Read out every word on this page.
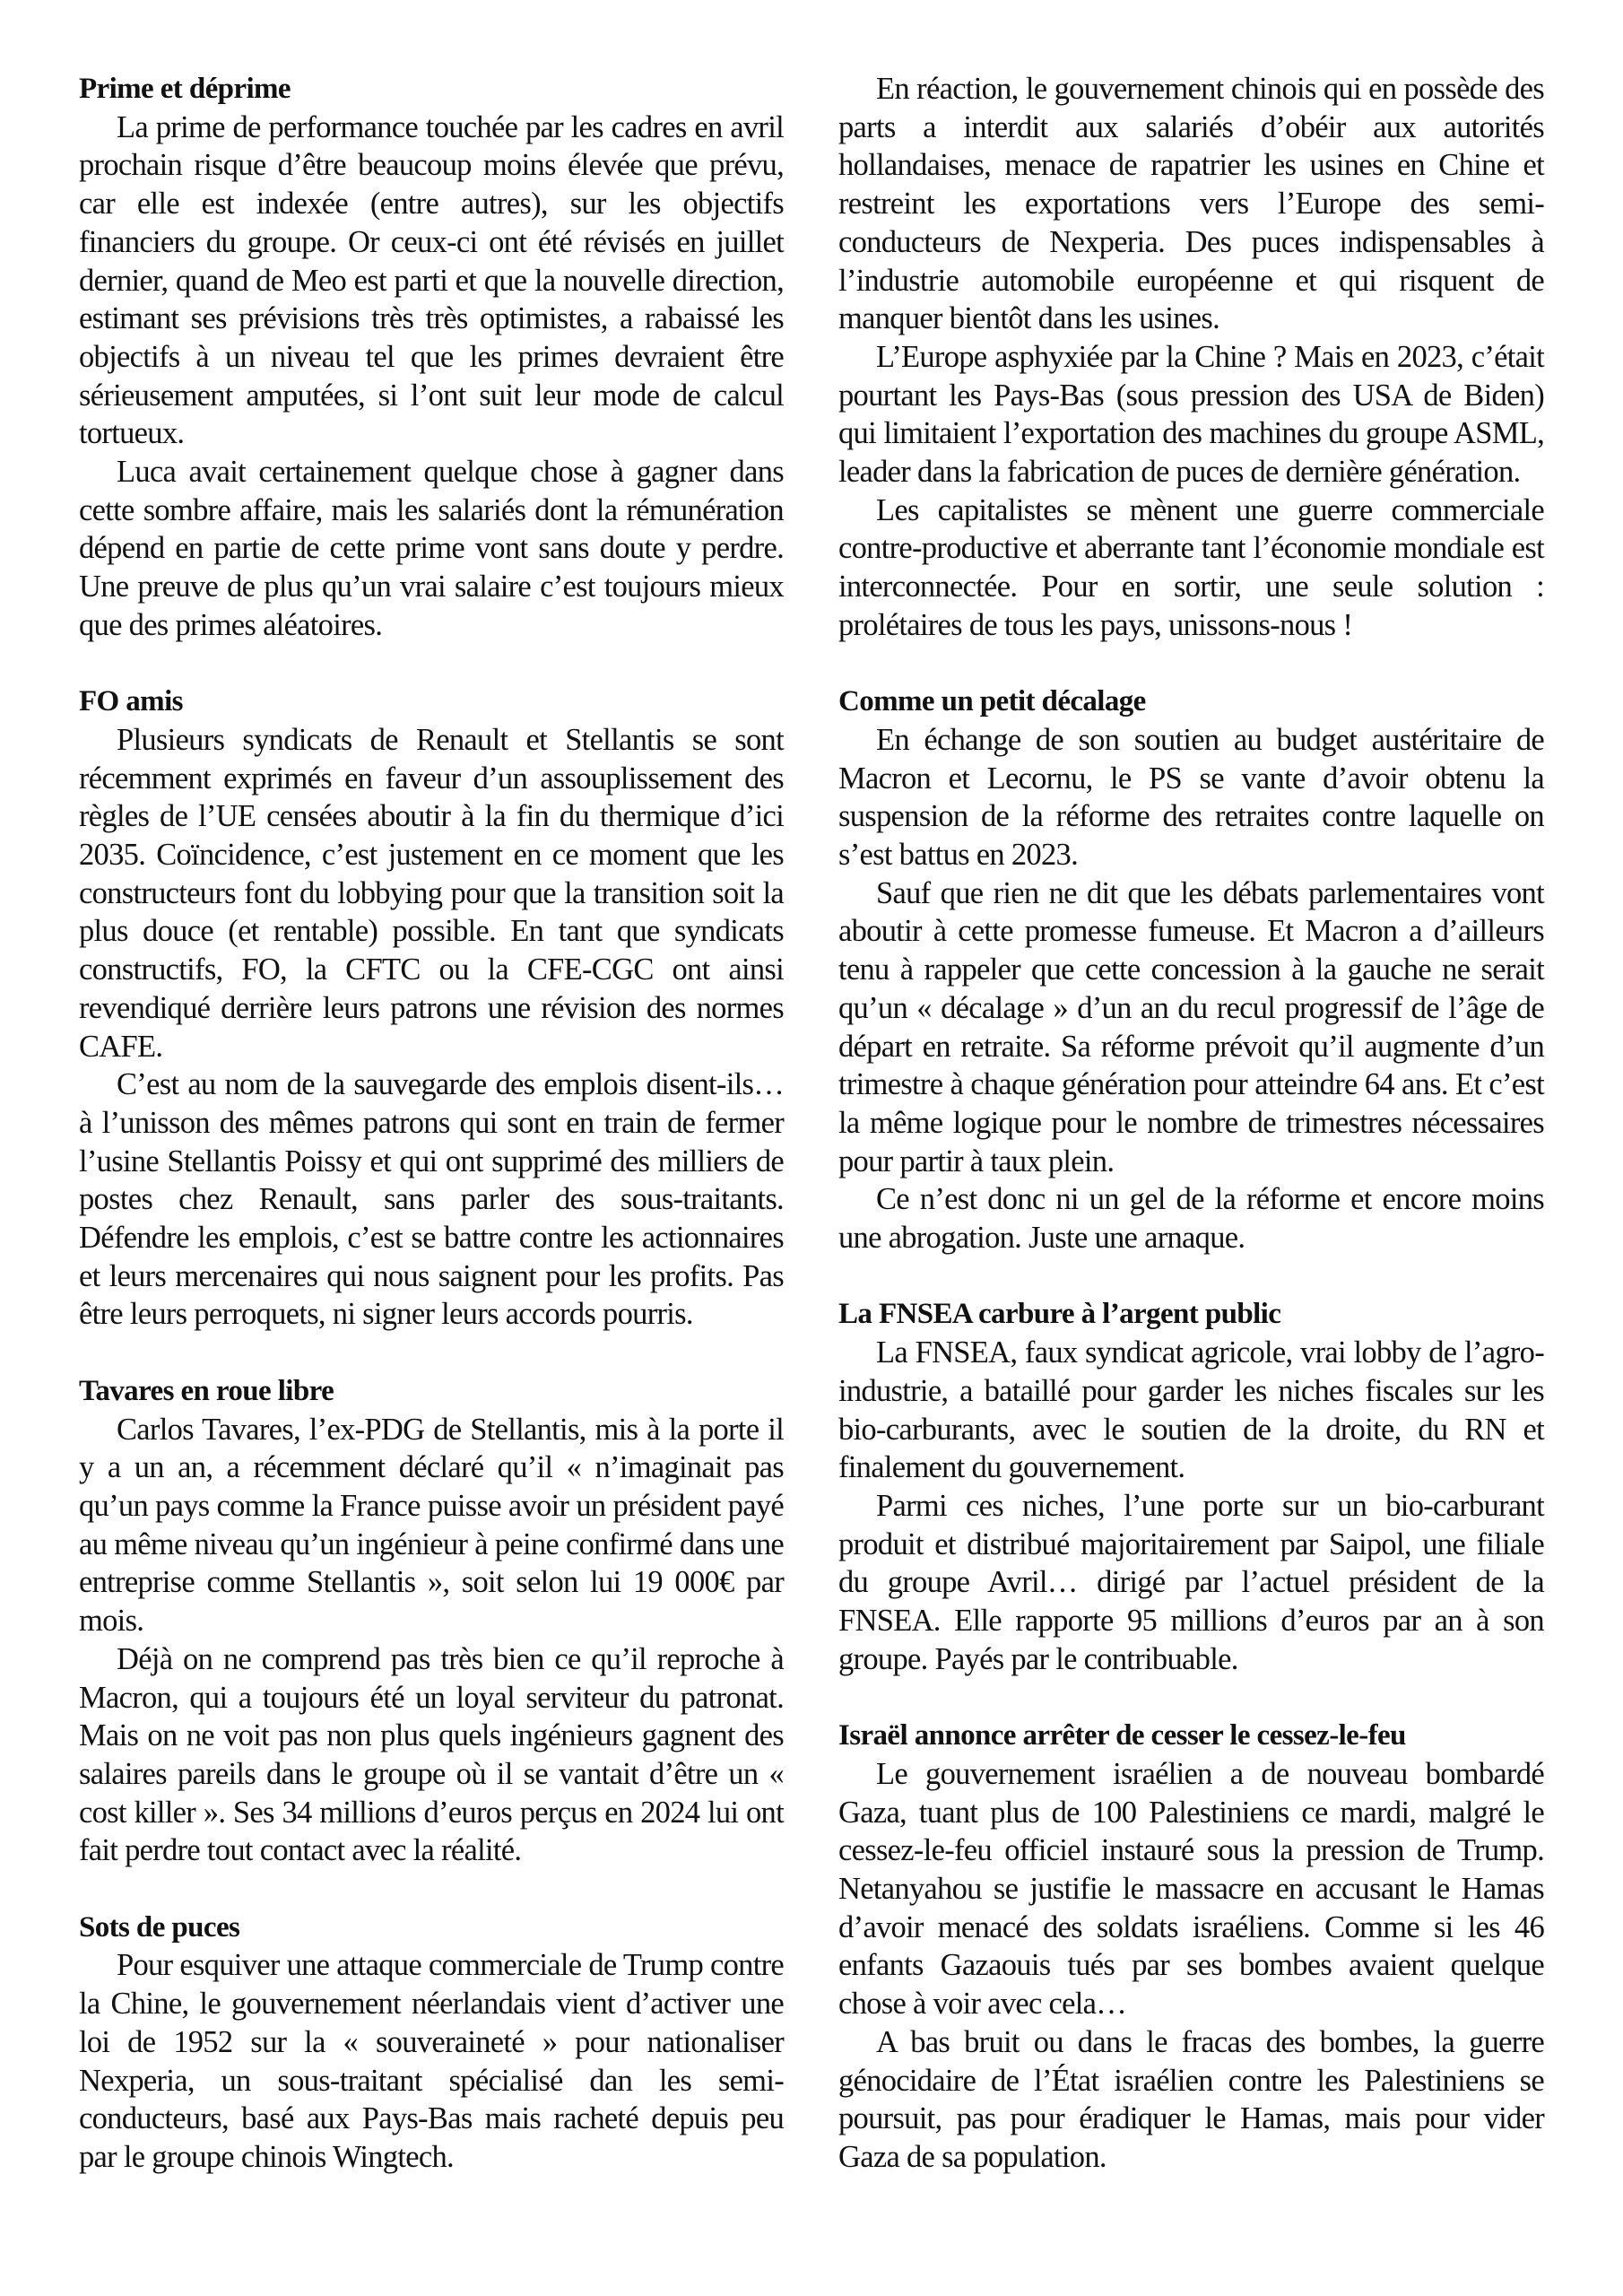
Prime et déprime

La prime de performance touchée par les cadres en avril prochain risque d’être beaucoup moins élevée que prévu, car elle est indexée (entre autres), sur les objectifs financiers du groupe. Or ceux-ci ont été révisés en juillet dernier, quand de Meo est parti et que la nouvelle direction, estimant ses prévisions très très optimistes, a rabaissé les objectifs à un niveau tel que les primes devraient être sérieusement amputées, si l’ont suit leur mode de calcul tortueux.

Luca avait certainement quelque chose à gagner dans cette sombre affaire, mais les salariés dont la rémunération dépend en partie de cette prime vont sans doute y perdre. Une preuve de plus qu’un vrai salaire c’est toujours mieux que des primes aléatoires.

FO amis

Plusieurs syndicats de Renault et Stellantis se sont récemment exprimés en faveur d’un assouplissement des règles de l’UE censées aboutir à la fin du thermique d’ici 2035. Coïncidence, c’est justement en ce moment que les constructeurs font du lobbying pour que la transition soit la plus douce (et rentable) possible. En tant que syndicats constructifs, FO, la CFTC ou la CFE-CGC ont ainsi revendiqué derrière leurs patrons une révision des normes CAFE.

C’est au nom de la sauvegarde des emplois disent-ils… à l’unisson des mêmes patrons qui sont en train de fermer l’usine Stellantis Poissy et qui ont supprimé des milliers de postes chez Renault, sans parler des sous-traitants. Défendre les emplois, c’est se battre contre les actionnaires et leurs mercenaires qui nous saignent pour les profits. Pas être leurs perroquets, ni signer leurs accords pourris.

Tavares en roue libre

Carlos Tavares, l’ex-PDG de Stellantis, mis à la porte il y a un an, a récemment déclaré qu’il « n’imaginait pas qu’un pays comme la France puisse avoir un président payé au même niveau qu’un ingénieur à peine confirmé dans une entreprise comme Stellantis », soit selon lui 19 000€ par mois.

Déjà on ne comprend pas très bien ce qu’il reproche à Macron, qui a toujours été un loyal serviteur du patronat. Mais on ne voit pas non plus quels ingénieurs gagnent des salaires pareils dans le groupe où il se vantait d’être un « cost killer ». Ses 34 millions d’euros perçus en 2024 lui ont fait perdre tout contact avec la réalité.

Sots de puces

Pour esquiver une attaque commerciale de Trump contre la Chine, le gouvernement néerlandais vient d’activer une loi de 1952 sur la « souveraineté » pour nationaliser Nexperia, un sous-traitant spécialisé dan les semi-conducteurs, basé aux Pays-Bas mais racheté depuis peu par le groupe chinois Wingtech.

En réaction, le gouvernement chinois qui en possède des parts a interdit aux salariés d’obéir aux autorités hollandaises, menace de rapatrier les usines en Chine et restreint les exportations vers l’Europe des semi-conducteurs de Nexperia. Des puces indispensables à l’industrie automobile européenne et qui risquent de manquer bientôt dans les usines.

L’Europe asphyxiée par la Chine ? Mais en 2023, c’était pourtant les Pays-Bas (sous pression des USA de Biden) qui limitaient l’exportation des machines du groupe ASML, leader dans la fabrication de puces de dernière génération.

Les capitalistes se mènent une guerre commerciale contre-productive et aberrante tant l’économie mondiale est interconnectée. Pour en sortir, une seule solution : prolétaires de tous les pays, unissons-nous !

Comme un petit décalage

En échange de son soutien au budget austéritaire de Macron et Lecornu, le PS se vante d’avoir obtenu la suspension de la réforme des retraites contre laquelle on s’est battus en 2023.

Sauf que rien ne dit que les débats parlementaires vont aboutir à cette promesse fumeuse. Et Macron a d’ailleurs tenu à rappeler que cette concession à la gauche ne serait qu’un « décalage » d’un an du recul progressif de l’âge de départ en retraite. Sa réforme prévoit qu’il augmente d’un trimestre à chaque génération pour atteindre 64 ans. Et c’est la même logique pour le nombre de trimestres nécessaires pour partir à taux plein.

Ce n’est donc ni un gel de la réforme et encore moins une abrogation. Juste une arnaque.

La FNSEA carbure à l’argent public

La FNSEA, faux syndicat agricole, vrai lobby de l’agro-industrie, a bataillé pour garder les niches fiscales sur les bio-carburants, avec le soutien de la droite, du RN et finalement du gouvernement.

Parmi ces niches, l’une porte sur un bio-carburant produit et distribué majoritairement par Saipol, une filiale du groupe Avril… dirigé par l’actuel président de la FNSEA. Elle rapporte 95 millions d’euros par an à son groupe. Payés par le contribuable.

Israël annonce arrêter de cesser le cessez-le-feu

Le gouvernement israélien a de nouveau bombardé Gaza, tuant plus de 100 Palestiniens ce mardi, malgré le cessez-le-feu officiel instauré sous la pression de Trump. Netanyahou se justifie le massacre en accusant le Hamas d’avoir menacé des soldats israéliens. Comme si les 46 enfants Gazaouis tués par ses bombes avaient quelque chose à voir avec cela…

A bas bruit ou dans le fracas des bombes, la guerre génocidaire de l’État israélien contre les Palestiniens se poursuit, pas pour éradiquer le Hamas, mais pour vider Gaza de sa population.
